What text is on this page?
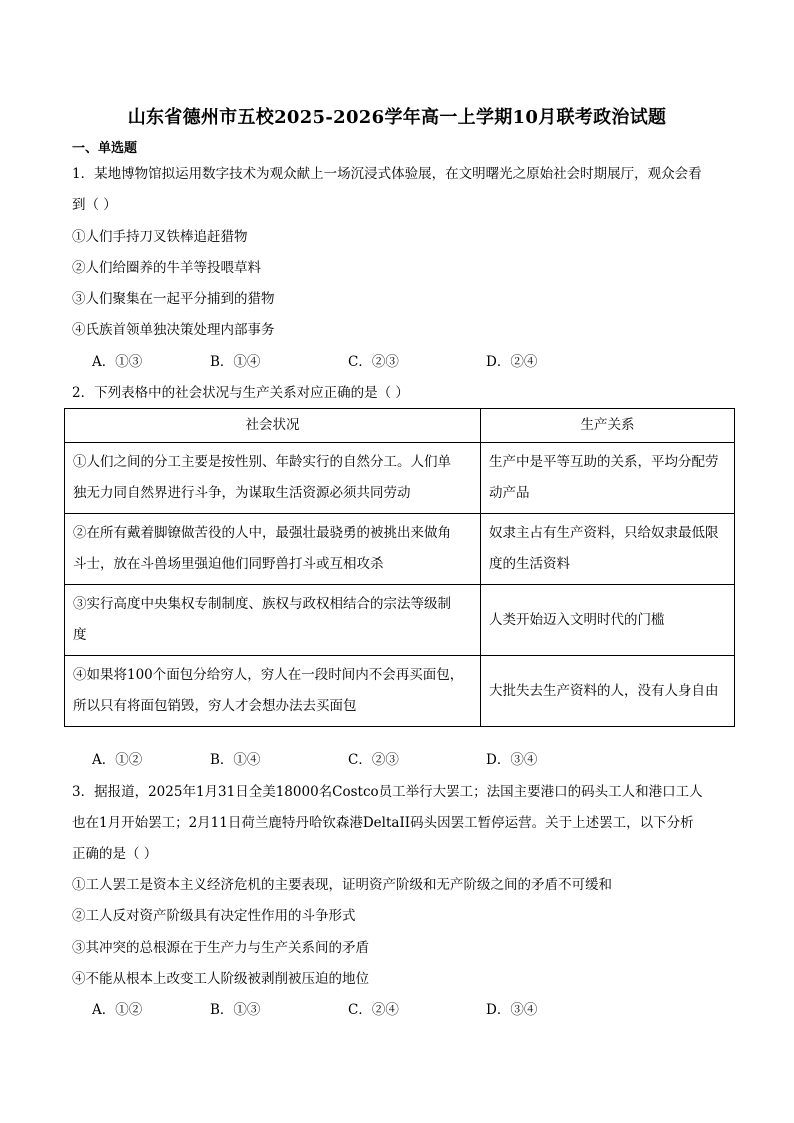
山东省德州市五校2025-2026学年高一上学期10月联考政治试题
一、单选题
1．某地博物馆拟运用数字技术为观众献上一场沉浸式体验展，在文明曙光之原始社会时期展厅，观众会看
到（ ）
①人们手持刀叉铁棒追赶猎物
②人们给圈养的牛羊等投喂草料
③人们聚集在一起平分捕到的猎物
④氏族首领单独决策处理内部事务
A．①③	B．①④	C．②③	D．②④
2．下列表格中的社会状况与生产关系对应正确的是（ ）
社会状况	生产关系
①人们之间的分工主要是按性别、年龄实行的自然分工。人们单
独无力同自然界进行斗争，为谋取生活资源必须共同劳动	生产中是平等互助的关系，平均分配劳
动产品
②在所有戴着脚镣做苦役的人中，最强壮最骁勇的被挑出来做角
斗士，放在斗兽场里强迫他们同野兽打斗或互相攻杀	奴隶主占有生产资料，只给奴隶最低限
度的生活资料
③实行高度中央集权专制制度、族权与政权相结合的宗法等级制
度	人类开始迈入文明时代的门槛
④如果将100个面包分给穷人，穷人在一段时间内不会再买面包，
所以只有将面包销毁，穷人才会想办法去买面包	大批失去生产资料的人，没有人身自由
A．①②	B．①④	C．②③	D．③④
3．据报道，2025年1月31日全美18000名Costco员工举行大罢工；法国主要港口的码头工人和港口工人
也在1月开始罢工；2月11日荷兰鹿特丹哈钦森港DeltaII码头因罢工暂停运营。关于上述罢工，以下分析
正确的是（ ）
①工人罢工是资本主义经济危机的主要表现，证明资产阶级和无产阶级之间的矛盾不可缓和
②工人反对资产阶级具有决定性作用的斗争形式
③其冲突的总根源在于生产力与生产关系间的矛盾
④不能从根本上改变工人阶级被剥削被压迫的地位
A．①②	B．①③	C．②④	D．③④
